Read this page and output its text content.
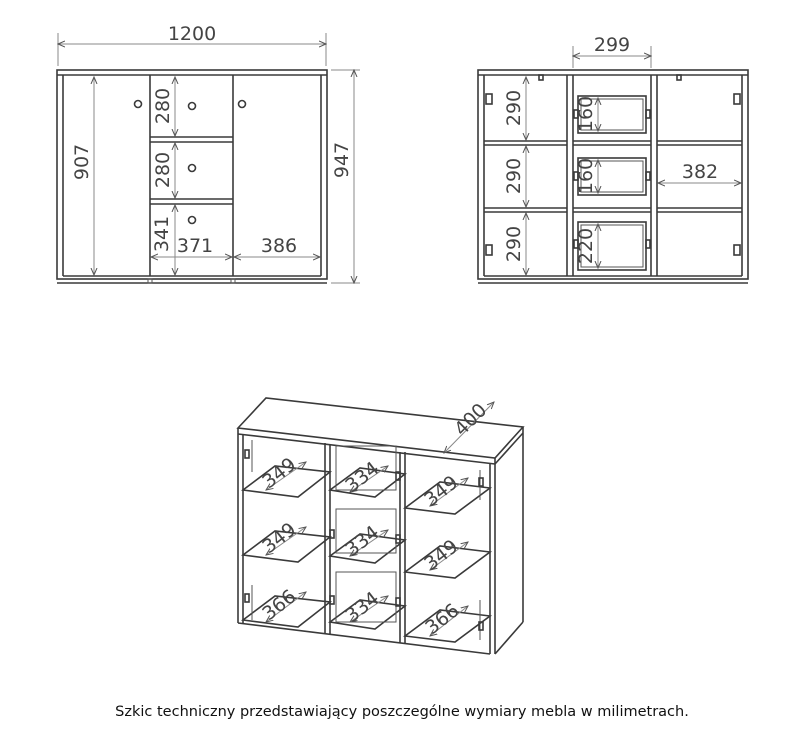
1200
907	947
280
280
341 371	386
299
290
290
290
160
160
220
382
400
349
349
366
334
334
334
349
349
366
Szkic techniczny przedstawiający poszczególne wymiary mebla w milimetrach.
